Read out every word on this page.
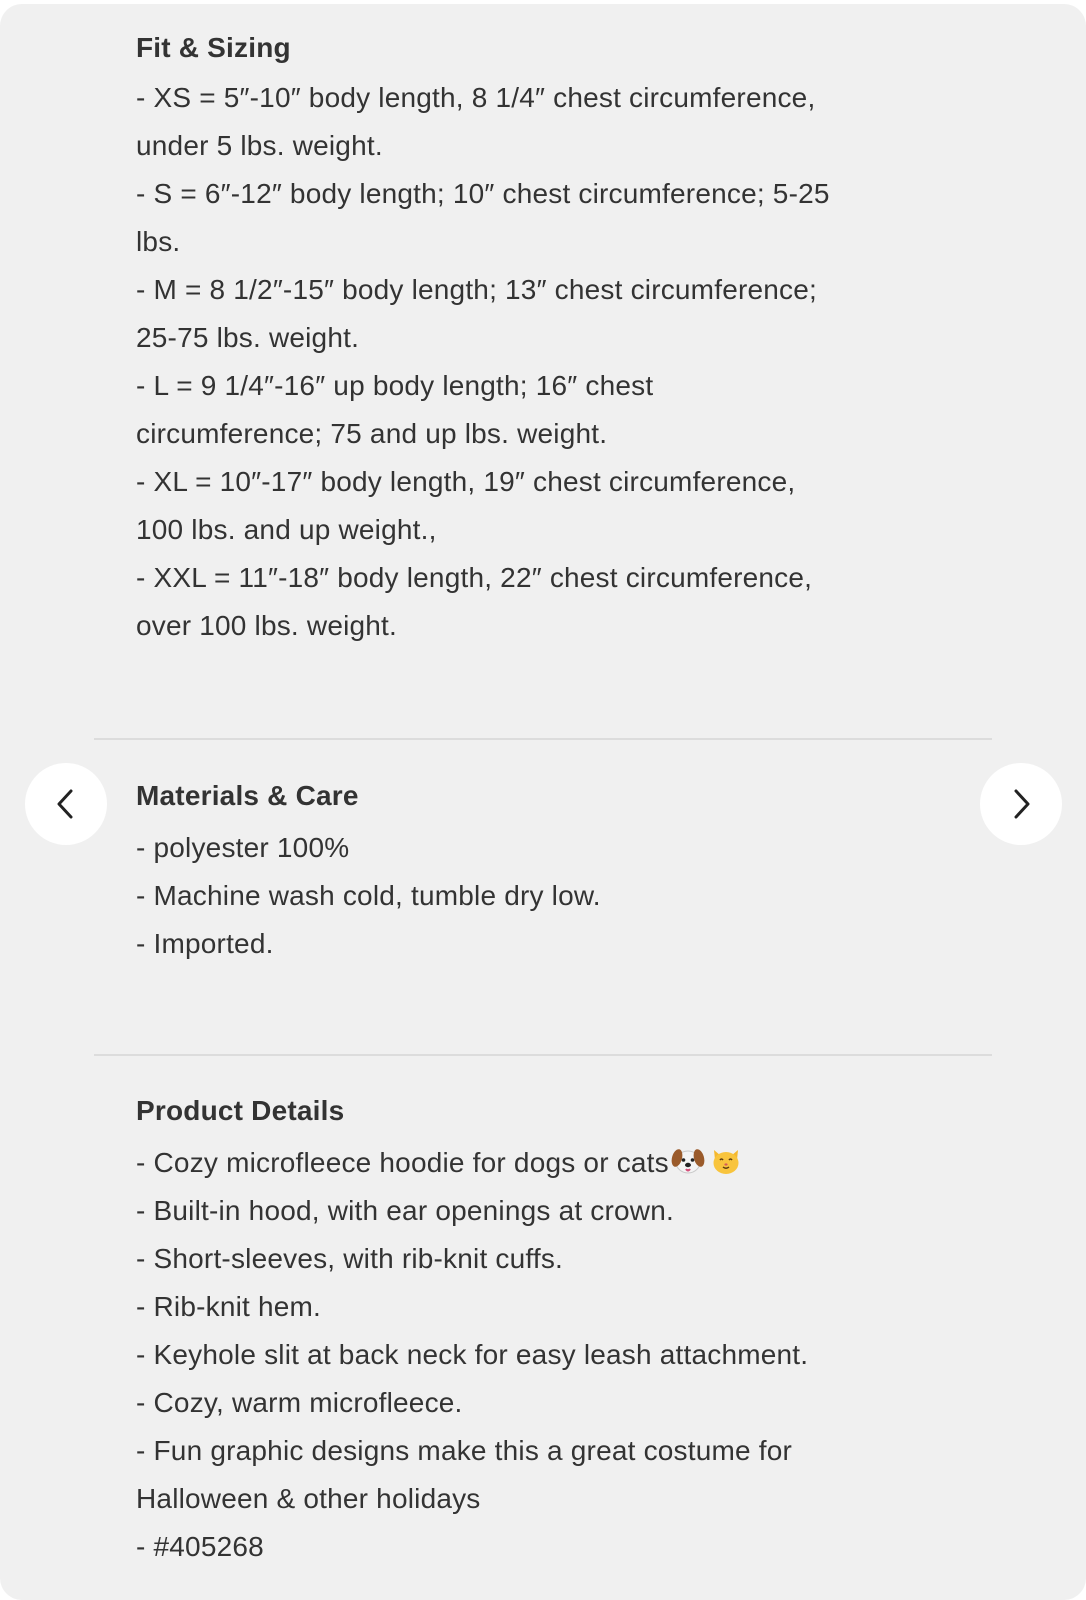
Fit & Sizing
- XS = 5″-10″ body length, 8 1/4″ chest circumference,
under 5 lbs. weight.
- S = 6″-12″ body length; 10″ chest circumference; 5-25
lbs.
- M = 8 1/2″-15″ body length; 13″ chest circumference;
25-75 lbs. weight.
- L = 9 1/4″-16″ up body length; 16″ chest
circumference; 75 and up lbs. weight.
- XL = 10″-17″ body length, 19″ chest circumference,
100 lbs. and up weight.,
- XXL = 11″-18″ body length, 22″ chest circumference,
over 100 lbs. weight.
Materials & Care
- polyester 100%
- Machine wash cold, tumble dry low.
- Imported.
Product Details
- Cozy microfleece hoodie for dogs or cats
- Built-in hood, with ear openings at crown.
- Short-sleeves, with rib-knit cuffs.
- Rib-knit hem.
- Keyhole slit at back neck for easy leash attachment.
- Cozy, warm microfleece.
- Fun graphic designs make this a great costume for
Halloween & other holidays
- #405268
